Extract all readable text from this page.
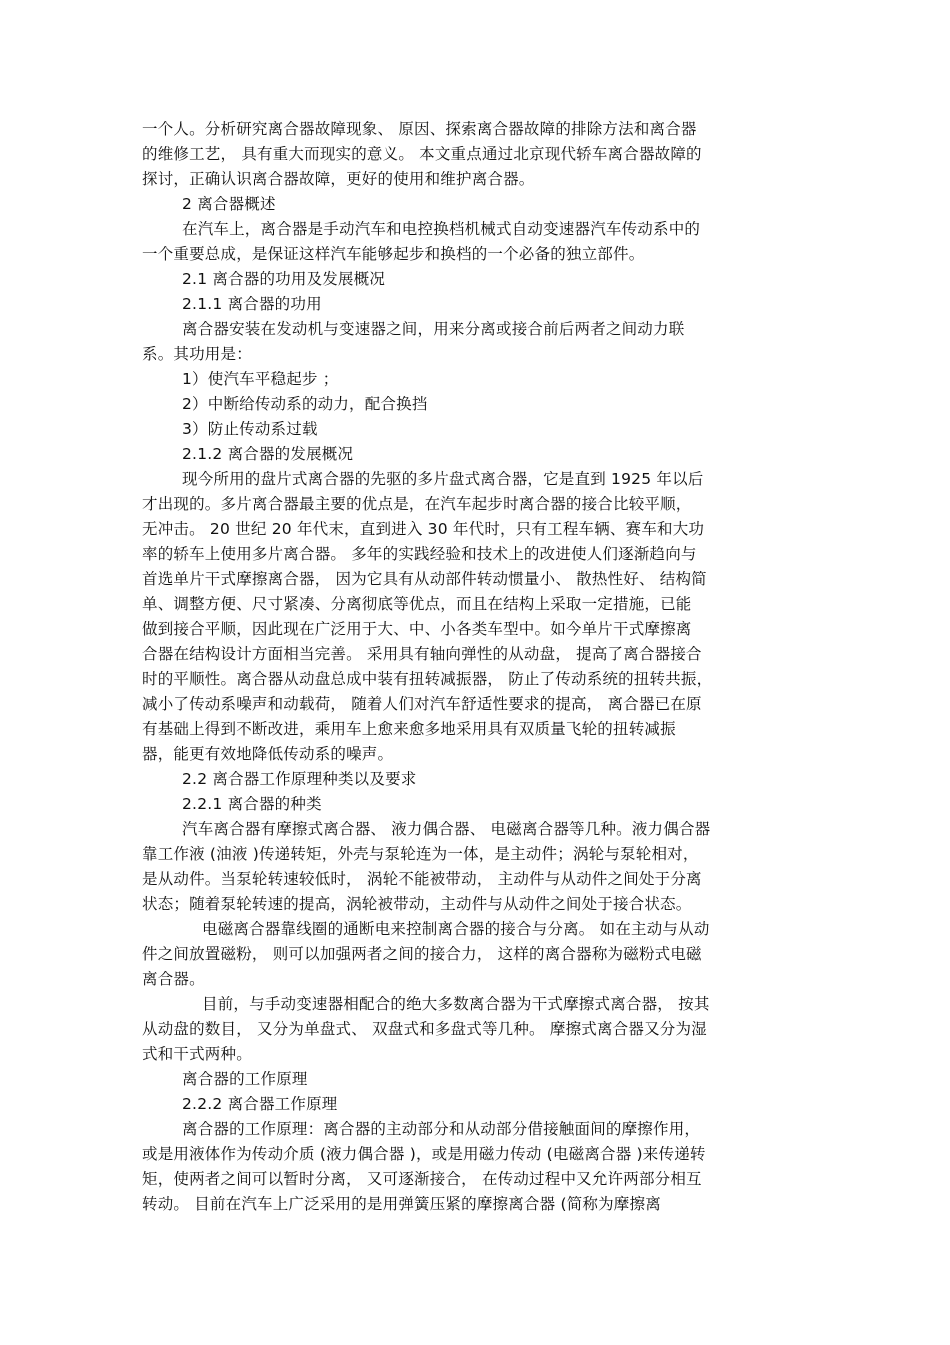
一个人。分析研究离合器故障现象、 原因、探索离合器故障的排除方法和离合器
的维修工艺， 具有重大而现实的意义。 本文重点通过北京现代轿车离合器故障的
探讨，正确认识离合器故障，更好的使用和维护离合器。
2 离合器概述
在汽车上，离合器是手动汽车和电控换档机械式自动变速器汽车传动系中的
一个重要总成，是保证这样汽车能够起步和换档的一个必备的独立部件。
2.1 离合器的功用及发展概况
2.1.1 离合器的功用
离合器安装在发动机与变速器之间，用来分离或接合前后两者之间动力联
系。其功用是：
1）使汽车平稳起步 ；
2）中断给传动系的动力，配合换挡
3）防止传动系过载
2.1.2 离合器的发展概况
现今所用的盘片式离合器的先驱的多片盘式离合器，它是直到 1925 年以后
才出现的。多片离合器最主要的优点是，在汽车起步时离合器的接合比较平顺，
无冲击。 20 世纪 20 年代末，直到进入 30 年代时，只有工程车辆、赛车和大功
率的轿车上使用多片离合器。 多年的实践经验和技术上的改进使人们逐渐趋向与
首选单片干式摩擦离合器， 因为它具有从动部件转动惯量小、 散热性好、 结构简
单、调整方便、尺寸紧凑、分离彻底等优点，而且在结构上采取一定措施，已能
做到接合平顺，因此现在广泛用于大、中、小各类车型中。如今单片干式摩擦离
合器在结构设计方面相当完善。 采用具有轴向弹性的从动盘， 提高了离合器接合
时的平顺性。离合器从动盘总成中装有扭转减振器， 防止了传动系统的扭转共振，
减小了传动系噪声和动载荷， 随着人们对汽车舒适性要求的提高， 离合器已在原
有基础上得到不断改进，乘用车上愈来愈多地采用具有双质量飞轮的扭转减振
器，能更有效地降低传动系的噪声。
2.2 离合器工作原理种类以及要求
2.2.1 离合器的种类
汽车离合器有摩擦式离合器、 液力偶合器、 电磁离合器等几种。液力偶合器
靠工作液 (油液 )传递转矩，外壳与泵轮连为一体，是主动件；涡轮与泵轮相对，
是从动件。当泵轮转速较低时， 涡轮不能被带动， 主动件与从动件之间处于分离
状态；随着泵轮转速的提高，涡轮被带动，主动件与从动件之间处于接合状态。
电磁离合器靠线圈的通断电来控制离合器的接合与分离。 如在主动与从动
件之间放置磁粉， 则可以加强两者之间的接合力， 这样的离合器称为磁粉式电磁
离合器。
目前，与手动变速器相配合的绝大多数离合器为干式摩擦式离合器， 按其
从动盘的数目， 又分为单盘式、 双盘式和多盘式等几种。 摩擦式离合器又分为湿
式和干式两种。
离合器的工作原理
2.2.2 离合器工作原理
离合器的工作原理：离合器的主动部分和从动部分借接触面间的摩擦作用，
或是用液体作为传动介质 (液力偶合器 )，或是用磁力传动 (电磁离合器 )来传递转
矩，使两者之间可以暂时分离， 又可逐渐接合， 在传动过程中又允许两部分相互
转动。 目前在汽车上广泛采用的是用弹簧压紧的摩擦离合器 (简称为摩擦离
